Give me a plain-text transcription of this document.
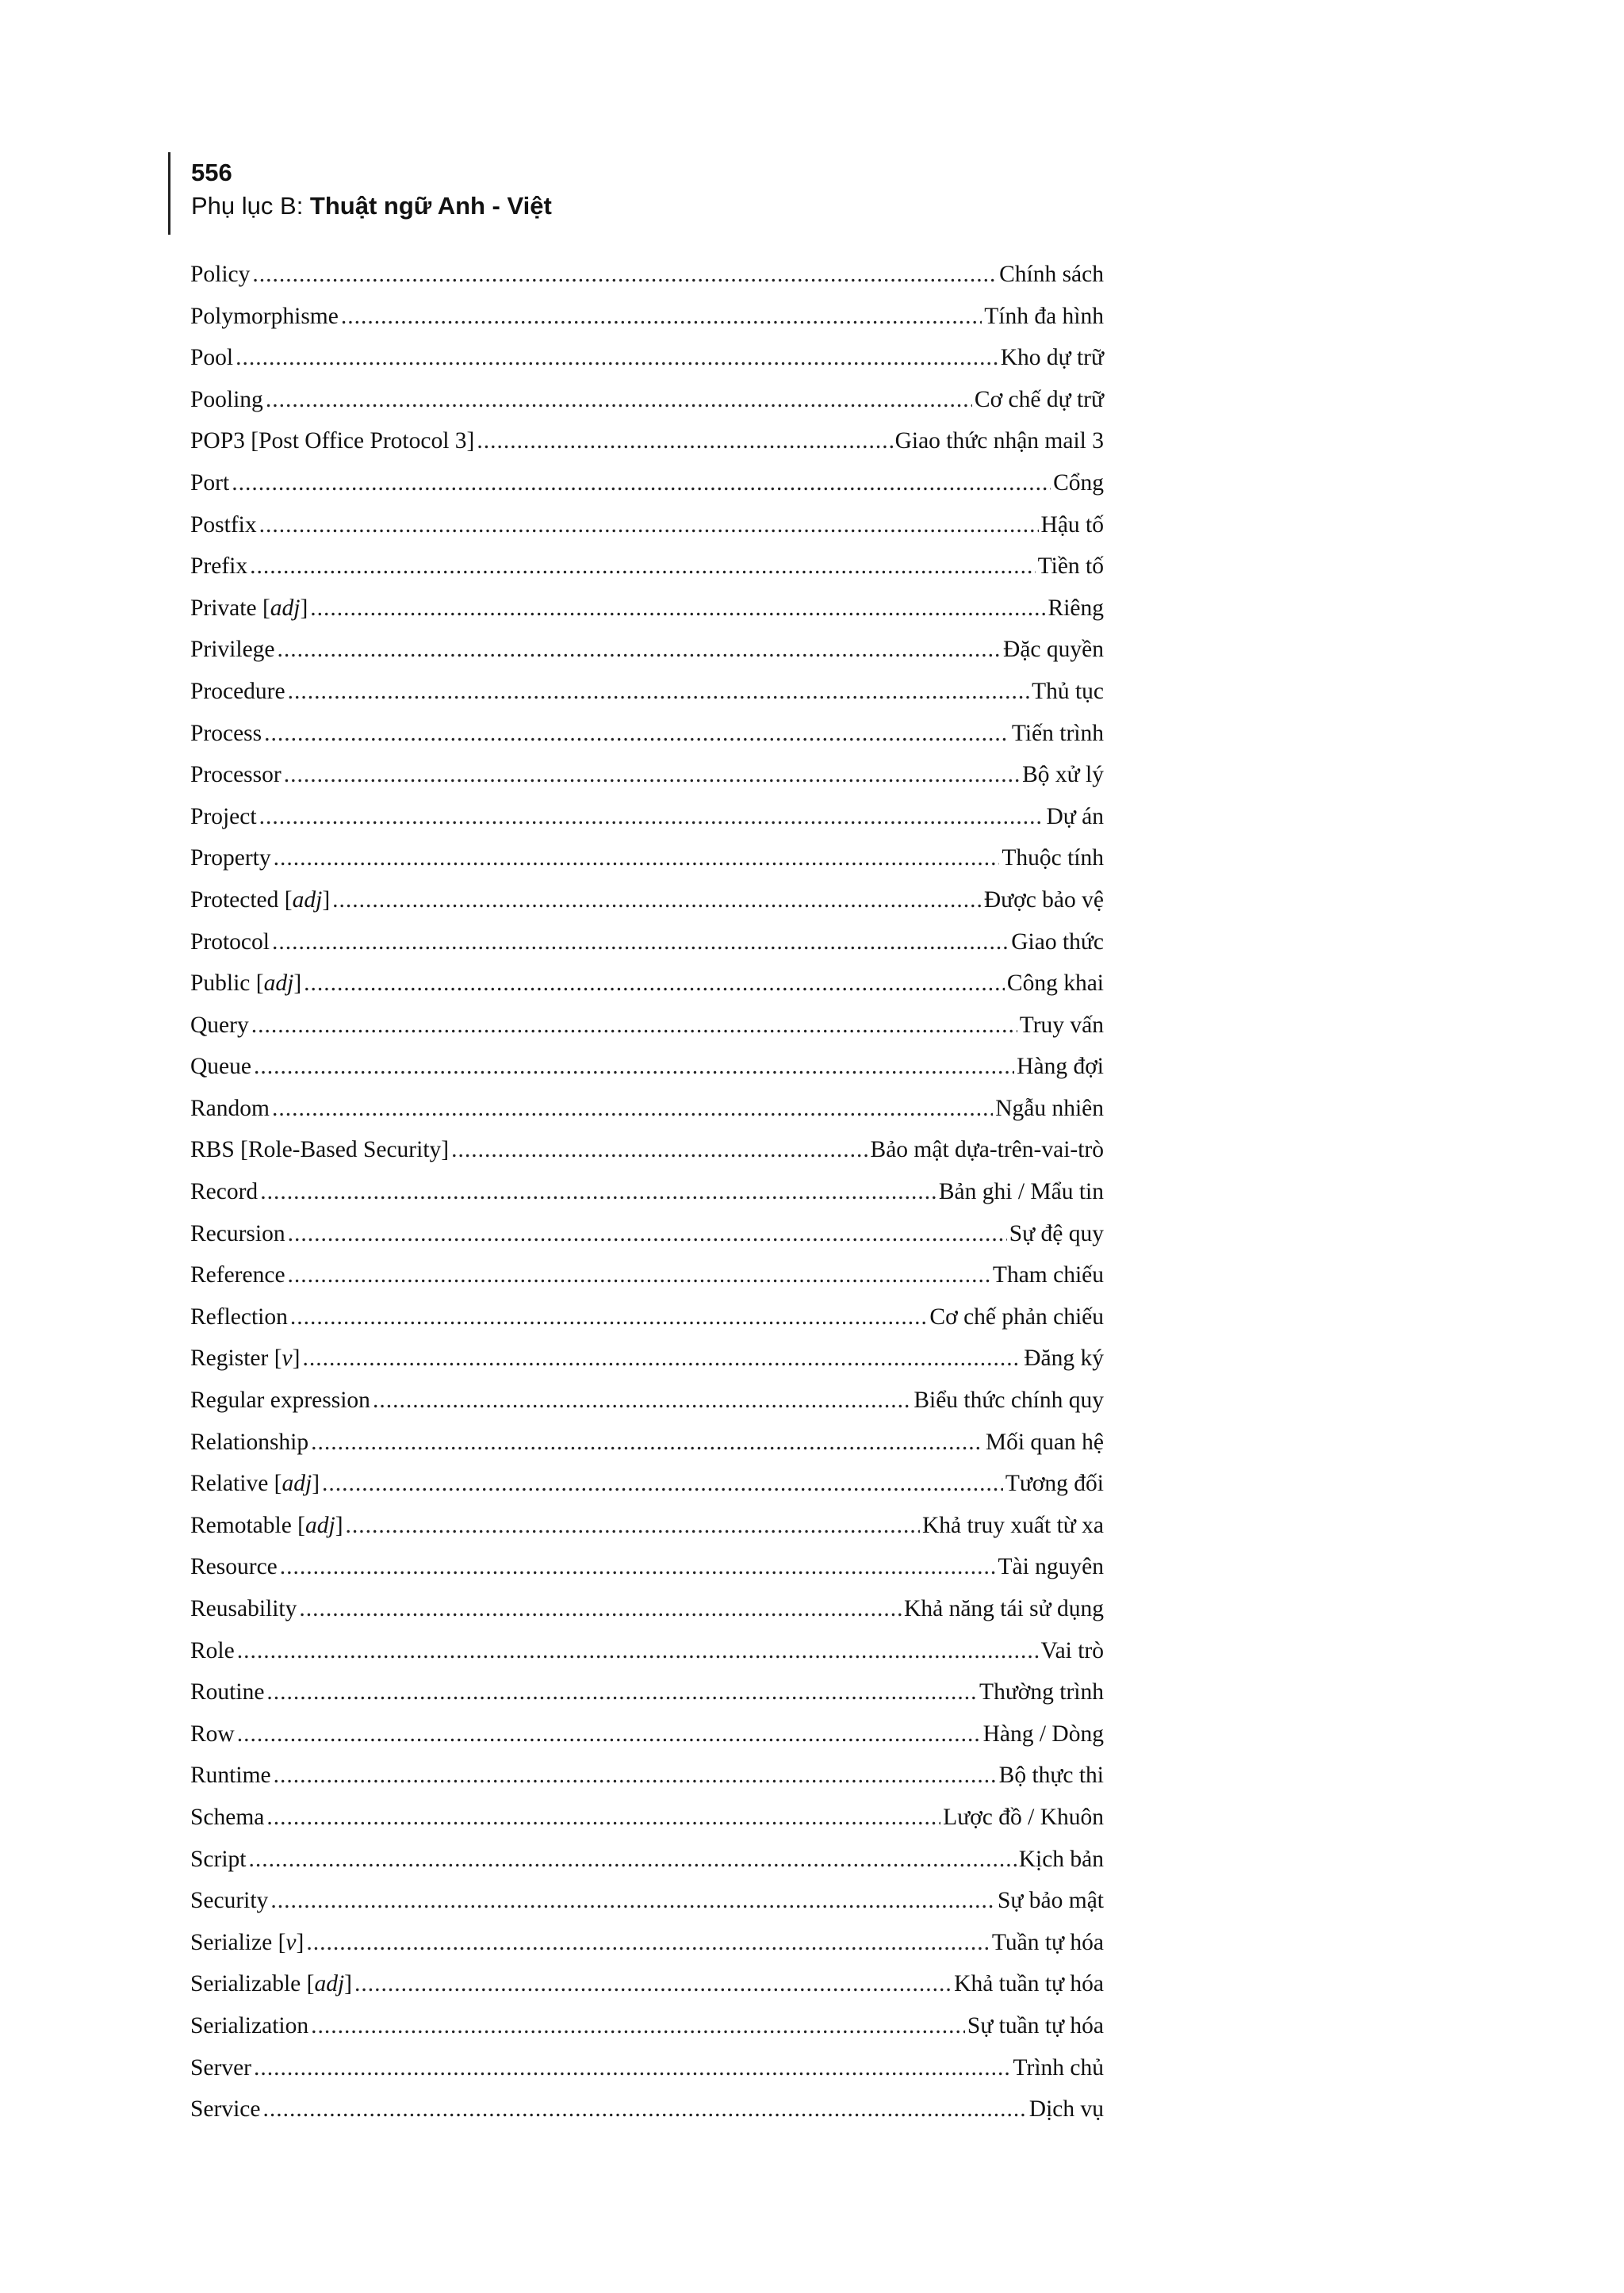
556
Phụ lục B: Thuật ngữ Anh - Việt
Policy .....	Chính sách
Polymorphisme .....	Tính đa hình
Pool .....	Kho dự trữ
Pooling .....	Cơ chế dự trữ
POP3 [Post Office Protocol 3] .....	Giao thức nhận mail 3
Port .....	Cổng
Postfix .....	Hậu tố
Prefix .....	Tiền tố
Private [adj] .....	Riêng
Privilege .....	Đặc quyền
Procedure .....	Thủ tục
Process .....	Tiến trình
Processor .....	Bộ xử lý
Project .....	Dự án
Property .....	Thuộc tính
Protected [adj] .....	Được bảo vệ
Protocol .....	Giao thức
Public [adj] .....	Công khai
Query .....	Truy vấn
Queue .....	Hàng đợi
Random .....	Ngẫu nhiên
RBS [Role-Based Security] .....	Bảo mật dựa-trên-vai-trò
Record .....	Bản ghi / Mẩu tin
Recursion .....	Sự đệ quy
Reference .....	Tham chiếu
Reflection .....	Cơ chế phản chiếu
Register [v] .....	Đăng ký
Regular expression .....	Biểu thức chính quy
Relationship .....	Mối quan hệ
Relative [adj] .....	Tương đối
Remotable [adj] .....	Khả truy xuất từ xa
Resource .....	Tài nguyên
Reusability .....	Khả năng tái sử dụng
Role .....	Vai trò
Routine .....	Thường trình
Row .....	Hàng / Dòng
Runtime .....	Bộ thực thi
Schema .....	Lược đồ / Khuôn
Script .....	Kịch bản
Security .....	Sự bảo mật
Serialize [v] .....	Tuần tự hóa
Serializable [adj] .....	Khả tuần tự hóa
Serialization .....	Sự tuần tự hóa
Server .....	Trình chủ
Service .....	Dịch vụ
